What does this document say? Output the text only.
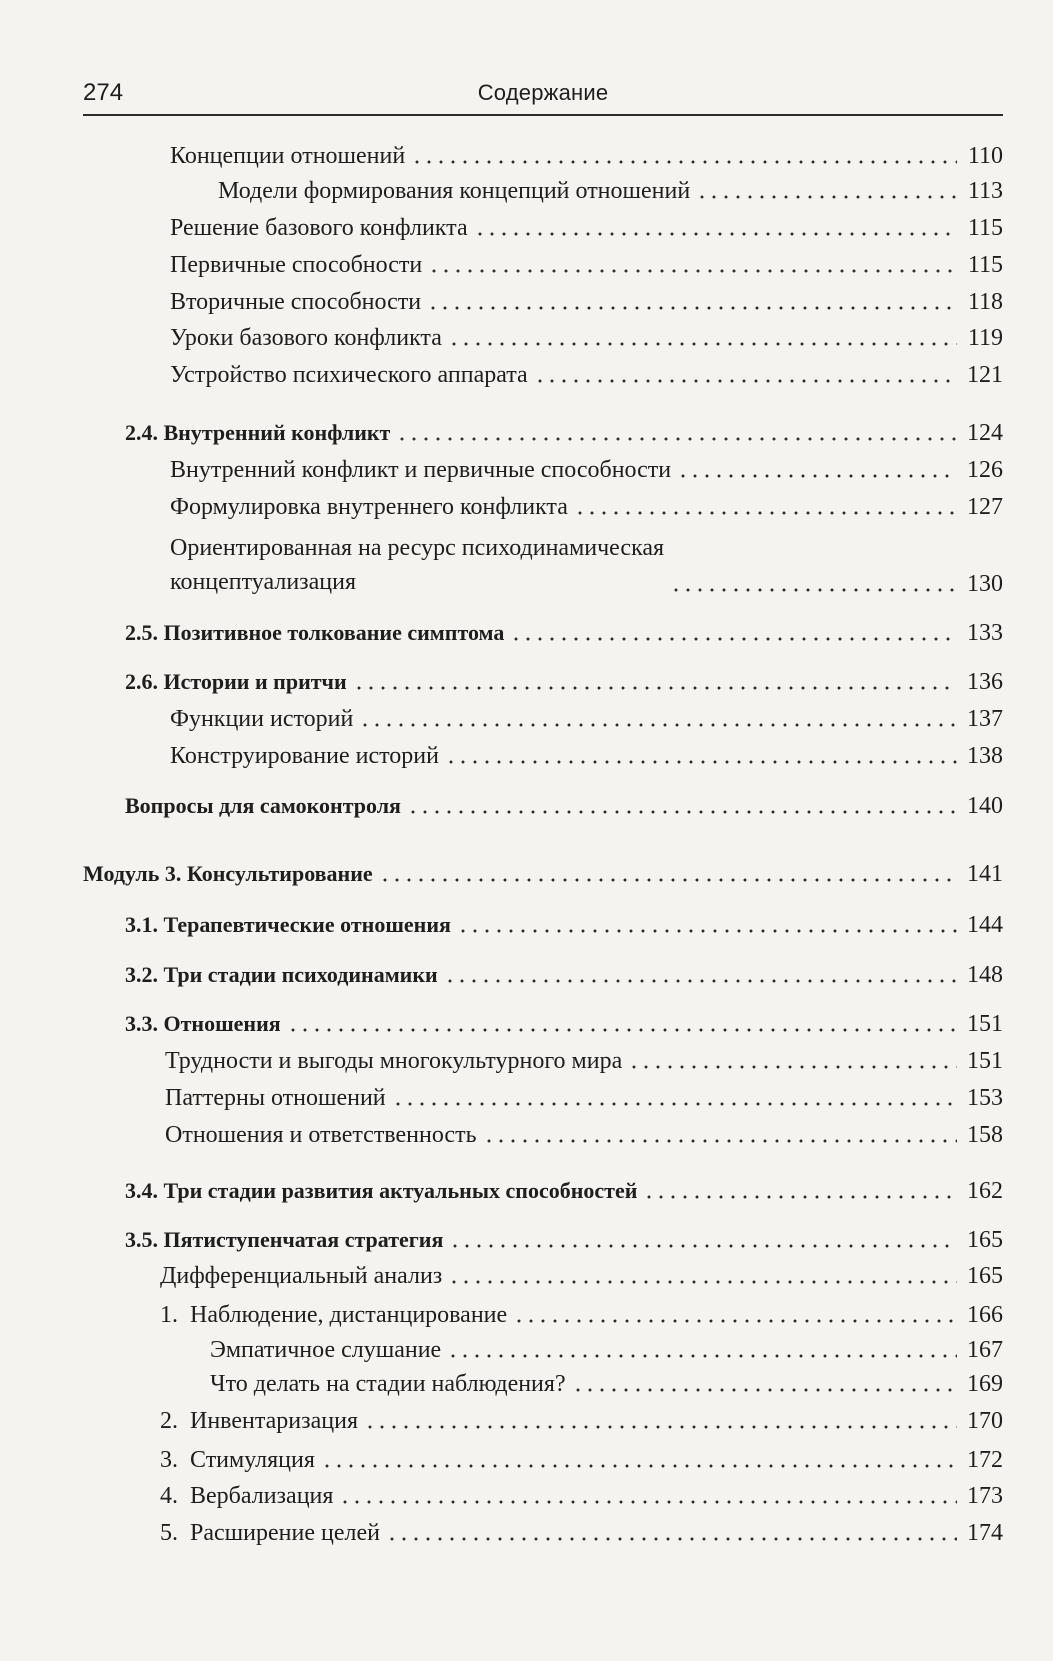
274	Содержание
Концепции отношений	110
Модели формирования концепций отношений	113
Решение базового конфликта	115
Первичные способности	115
Вторичные способности	118
Уроки базового конфликта	119
Устройство психического аппарата	121
2.4. Внутренний конфликт	124
Внутренний конфликт и первичные способности	126
Формулировка внутреннего конфликта	127
Ориентированная на ресурс психодинамическая
концептуализация	130
2.5. Позитивное толкование симптома	133
2.6. Истории и притчи	136
Функции историй	137
Конструирование историй	138
Вопросы для самоконтроля	140
Модуль 3. Консультирование	141
3.1. Терапевтические отношения	144
3.2. Три стадии психодинамики	148
3.3. Отношения	151
Трудности и выгоды многокультурного мира	151
Паттерны отношений	153
Отношения и ответственность	158
3.4. Три стадии развития актуальных способностей	162
3.5. Пятиступенчатая стратегия	165
Дифференциальный анализ	165
1. Наблюдение, дистанцирование	166
Эмпатичное слушание	167
Что делать на стадии наблюдения?	169
2. Инвентаризация	170
3. Стимуляция	172
4. Вербализация	173
5. Расширение целей	174
